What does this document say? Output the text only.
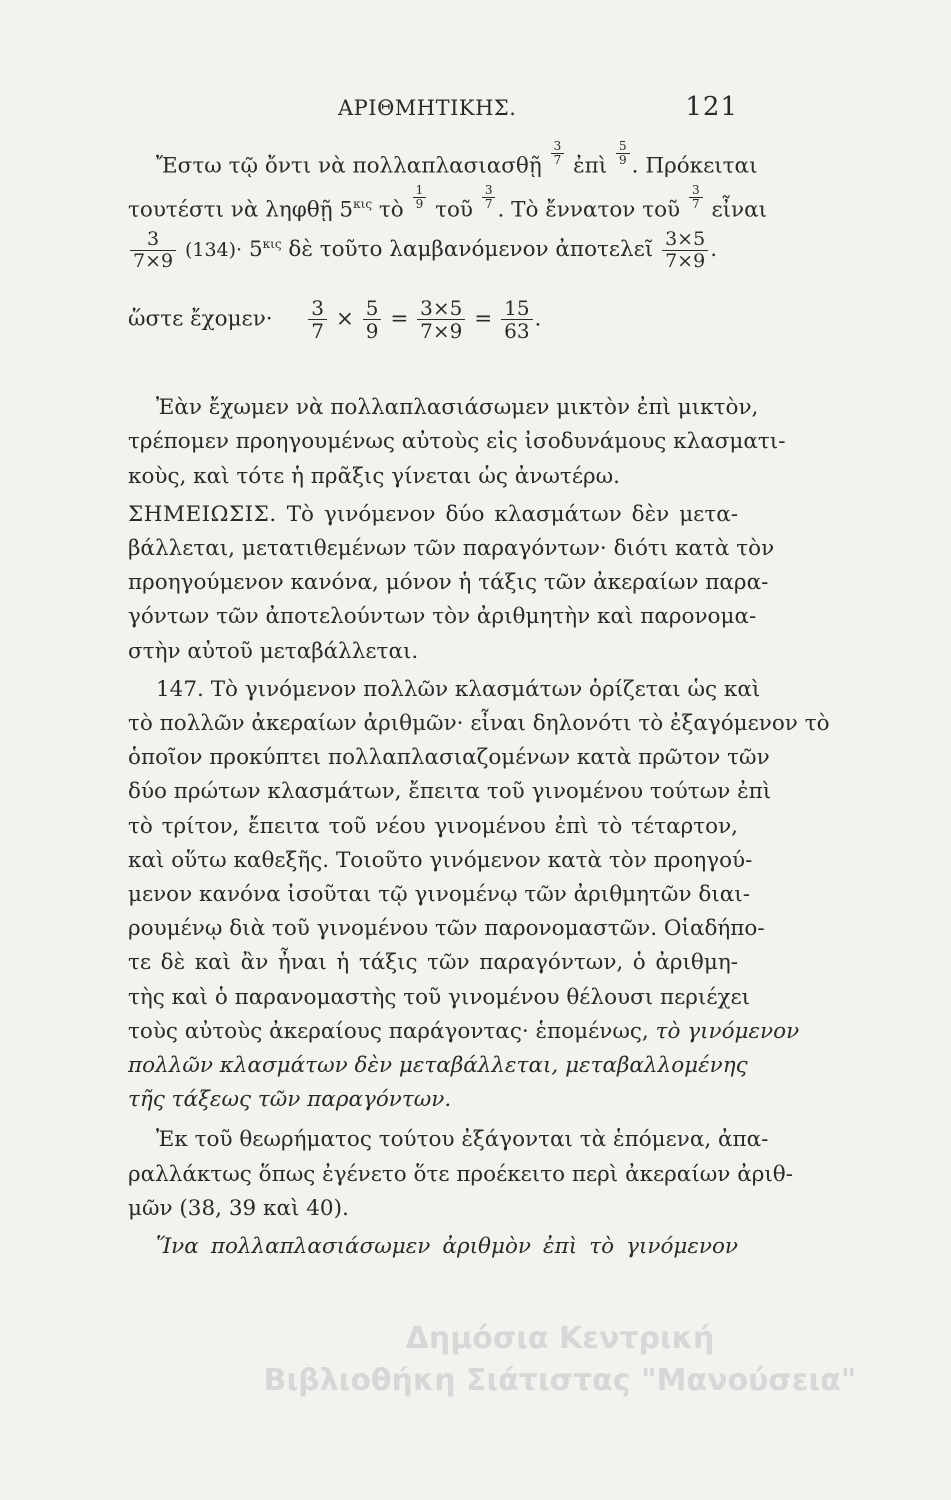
ΑΡΙΘΜΗΤΙΚΗΣ.	121
Ἔστω τῷ ὄντι νὰ πολλαπλασιασθῇ $\frac{3}{7}$ ἐπὶ $\frac{5}{9}$ . Πρόκειται
τουτέστι νὰ ληφθῇ $5^{\kappa\iota\varsigma}$ τὸ $\frac{1}{9}$ τοῦ $\frac{3}{7}$ . Τὸ ἔννατον τοῦ $\frac{3}{7}$ εἶναι
$\frac{3}{7\times 9} (134)\cdot 5^{\kappa\iota\varsigma}$ δὲ τοῦτο λαμβανόμενον ἀποτελεῖ $\frac{3\times 5}{7\times 9}$ .
ὥστε ἔχομεν· $\frac{3}{7} \times \frac{5}{9} = \frac{3\times 5}{7\times 9} = \frac{15}{63}$ .
Ἐὰν ἔχωμεν νὰ πολλαπλασιάσωμεν μικτὸν ἐπὶ μικτὸν,
τρέπομεν προηγουμένως αὐτοὺς εἰς ἰσοδυνάμους κλασματι-
κοὺς, καὶ τότε ἡ πρᾶξις γίνεται ὡς ἀνωτέρω.
ΣΗΜΕΙΩΣΙΣ. Τὸ γινόμενον δύο κλασμάτων δὲν μετα-
βάλλεται, μετατιθεμένων τῶν παραγόντων· διότι κατὰ τὸν
προηγούμενον κανόνα, μόνον ἡ τάξις τῶν ἀκεραίων παρα-
γόντων τῶν ἀποτελούντων τὸν ἀριθμητὴν καὶ παρονομα-
στὴν αὐτοῦ μεταβάλλεται.
147. Τὸ γινόμενον πολλῶν κλασμάτων ὁρίζεται ὡς καὶ
τὸ πολλῶν ἀκεραίων ἀριθμῶν· εἶναι δηλονότι τὸ ἐξαγόμενον τὸ
ὁποῖον προκύπτει πολλαπλασιαζομένων κατὰ πρῶτον τῶν
δύο πρώτων κλασμάτων, ἔπειτα τοῦ γινομένου τούτων ἐπὶ
τὸ τρίτον, ἔπειτα τοῦ νέου γινομένου ἐπὶ τὸ τέταρτον,
καὶ οὕτω καθεξῆς. Τοιοῦτο γινόμενον κατὰ τὸν προηγού-
μενον κανόνα ἰσοῦται τῷ γινομένῳ τῶν ἀριθμητῶν διαι-
ρουμένῳ διὰ τοῦ γινομένου τῶν παρονομαστῶν. Οἱαδήπο-
τε δὲ καὶ ἂν ἦναι ἡ τάξις τῶν παραγόντων, ὁ ἀριθμη-
τὴς καὶ ὁ παρανομαστὴς τοῦ γινομένου θέλουσι περιέχει
τοὺς αὐτοὺς ἀκεραίους παράγοντας· ἑπομένως, τὸ γινόμενον
πολλῶν κλασμάτων δὲν μεταβάλλεται, μεταβαλλομένης
τῆς τάξεως τῶν παραγόντων.
Ἐκ τοῦ θεωρήματος τούτου ἐξάγονται τὰ ἑπόμενα, ἀπα-
ραλλάκτως ὅπως ἐγένετο ὅτε προέκειτο περὶ ἀκεραίων ἀριθ-
μῶν (38, 39 καὶ 40).
Ἵνα πολλαπλασιάσωμεν ἀριθμὸν ἐπὶ τὸ γινόμενον
Δημόσια Κεντρική
Βιβλιοθήκη Σιάτιστας "Μανούσεια"
